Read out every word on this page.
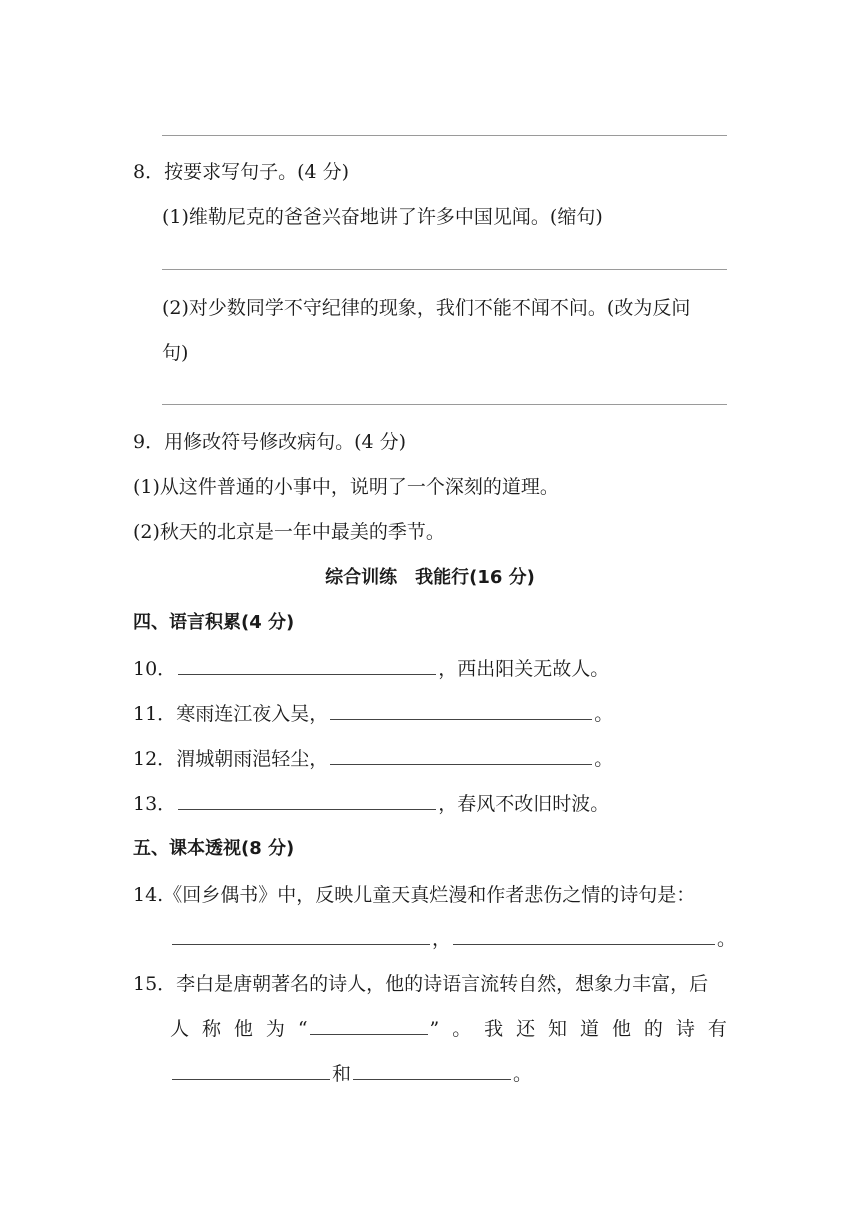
8．按要求写句子。(4 分)
(1)维勒尼克的爸爸兴奋地讲了许多中国见闻。(缩句)
(2)对少数同学不守纪律的现象，我们不能不闻不问。(改为反问
句)
9．用修改符号修改病句。(4 分)
(1)从这件普通的小事中，说明了一个深刻的道理。
(2)秋天的北京是一年中最美的季节。
综合训练　我能行(16 分)
四、语言积累(4 分)
10．	，西出阳关无故人。
11．寒雨连江夜入吴，	。
12．渭城朝雨浥轻尘，	。
13．	，春风不改旧时波。
五、课本透视(8 分)
14.《回乡偶书》中，反映儿童天真烂漫和作者悲伤之情的诗句是：
，	。
15．李白是唐朝著名的诗人，他的诗语言流转自然，想象力丰富，后
人 称 他 为 “	” 。 我 还 知 道 他 的 诗 有
和	。
